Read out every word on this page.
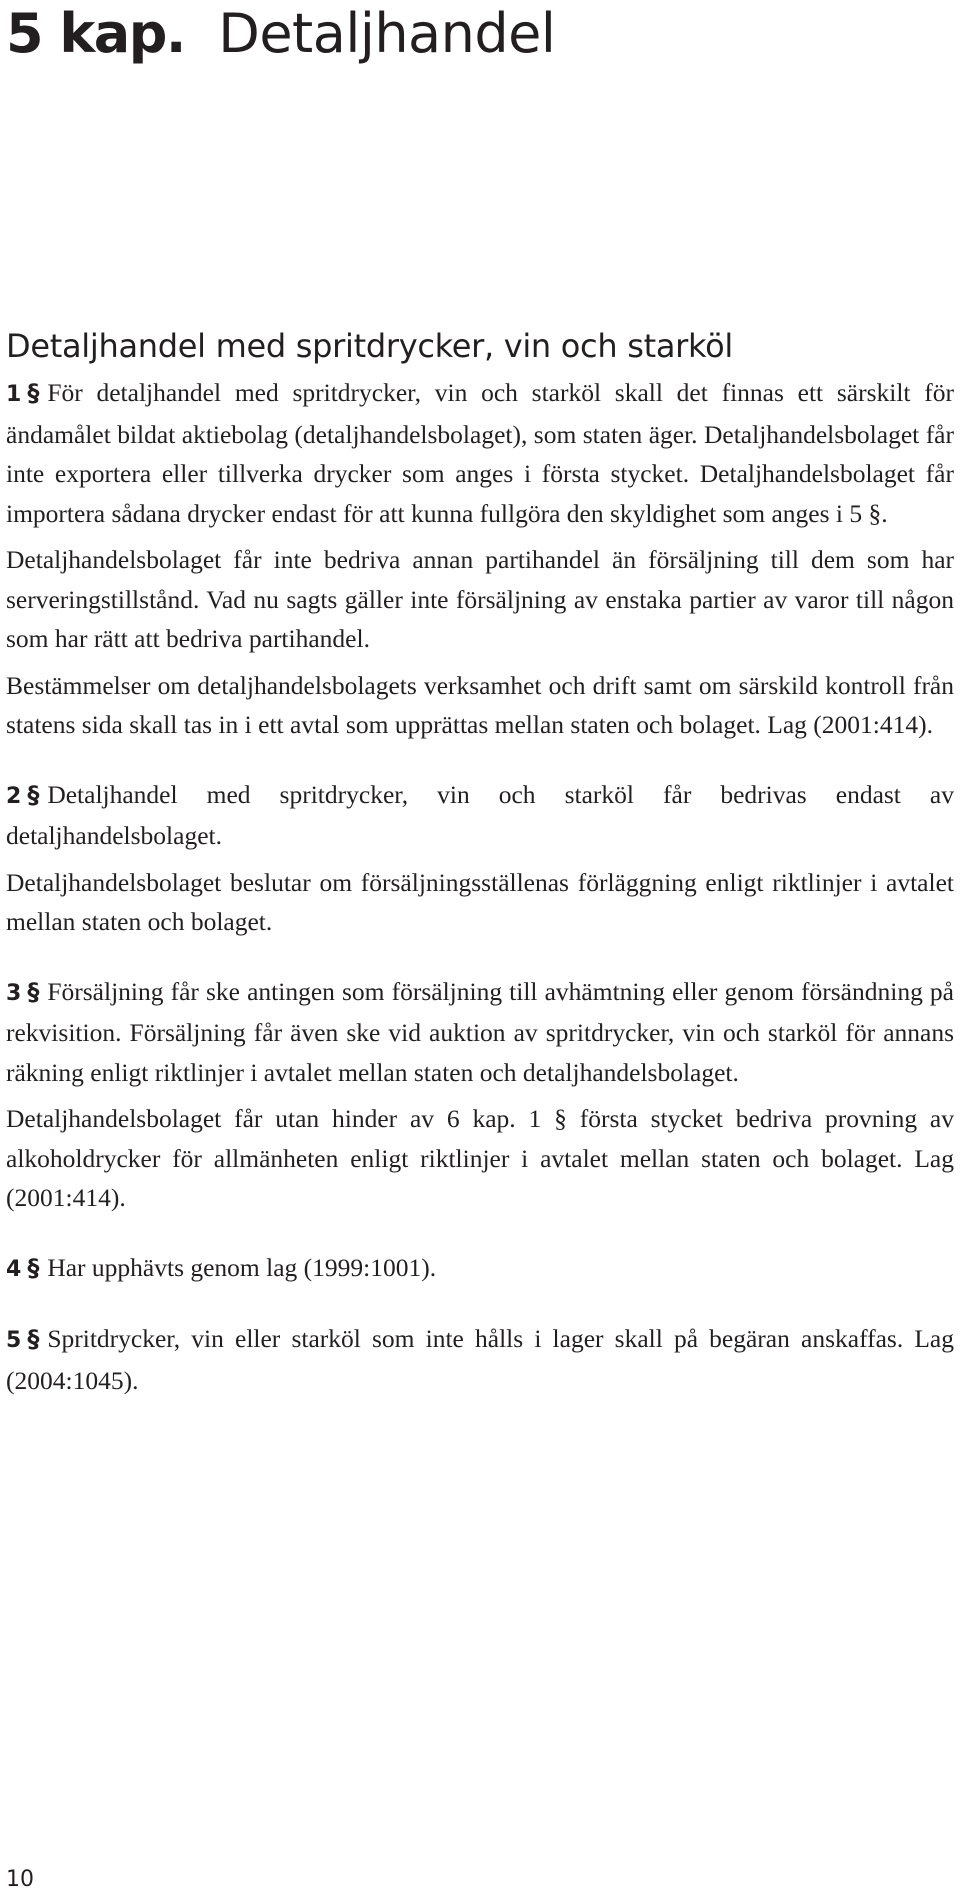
5 kap. Detaljhandel
Detaljhandel med spritdrycker, vin och starköl

1 § För detaljhandel med spritdrycker, vin och starköl skall det finnas ett särskilt för ändamålet bildat aktiebolag (detaljhandelsbolaget), som staten äger. Detaljhandelsbolaget får inte exportera eller tillverka drycker som anges i första stycket. Detaljhandelsbolaget får importera sådana drycker endast för att kunna fullgöra den skyldighet som anges i 5 §.

Detaljhandelsbolaget får inte bedriva annan partihandel än försäljning till dem som har serveringstillstånd. Vad nu sagts gäller inte försäljning av enstaka partier av varor till någon som har rätt att bedriva partihandel.

Bestämmelser om detaljhandelsbolagets verksamhet och drift samt om särskild kontroll från statens sida skall tas in i ett avtal som upprättas mellan staten och bolaget. Lag (2001:414).

2 § Detaljhandel med spritdrycker, vin och starköl får bedrivas endast av detaljhandelsbolaget.

Detaljhandelsbolaget beslutar om försäljningsställenas förläggning enligt riktlinjer i avtalet mellan staten och bolaget.

3 § Försäljning får ske antingen som försäljning till avhämtning eller genom försändning på rekvisition. Försäljning får även ske vid auktion av spritdrycker, vin och starköl för annans räkning enligt riktlinjer i avtalet mellan staten och detaljhandelsbolaget.

Detaljhandelsbolaget får utan hinder av 6 kap. 1 § första stycket bedriva provning av alkoholdrycker för allmänheten enligt riktlinjer i avtalet mellan staten och bolaget. Lag (2001:414).

4 § Har upphävts genom lag (1999:1001).

5 § Spritdrycker, vin eller starköl som inte hålls i lager skall på begäran anskaffas. Lag (2004:1045).

10
